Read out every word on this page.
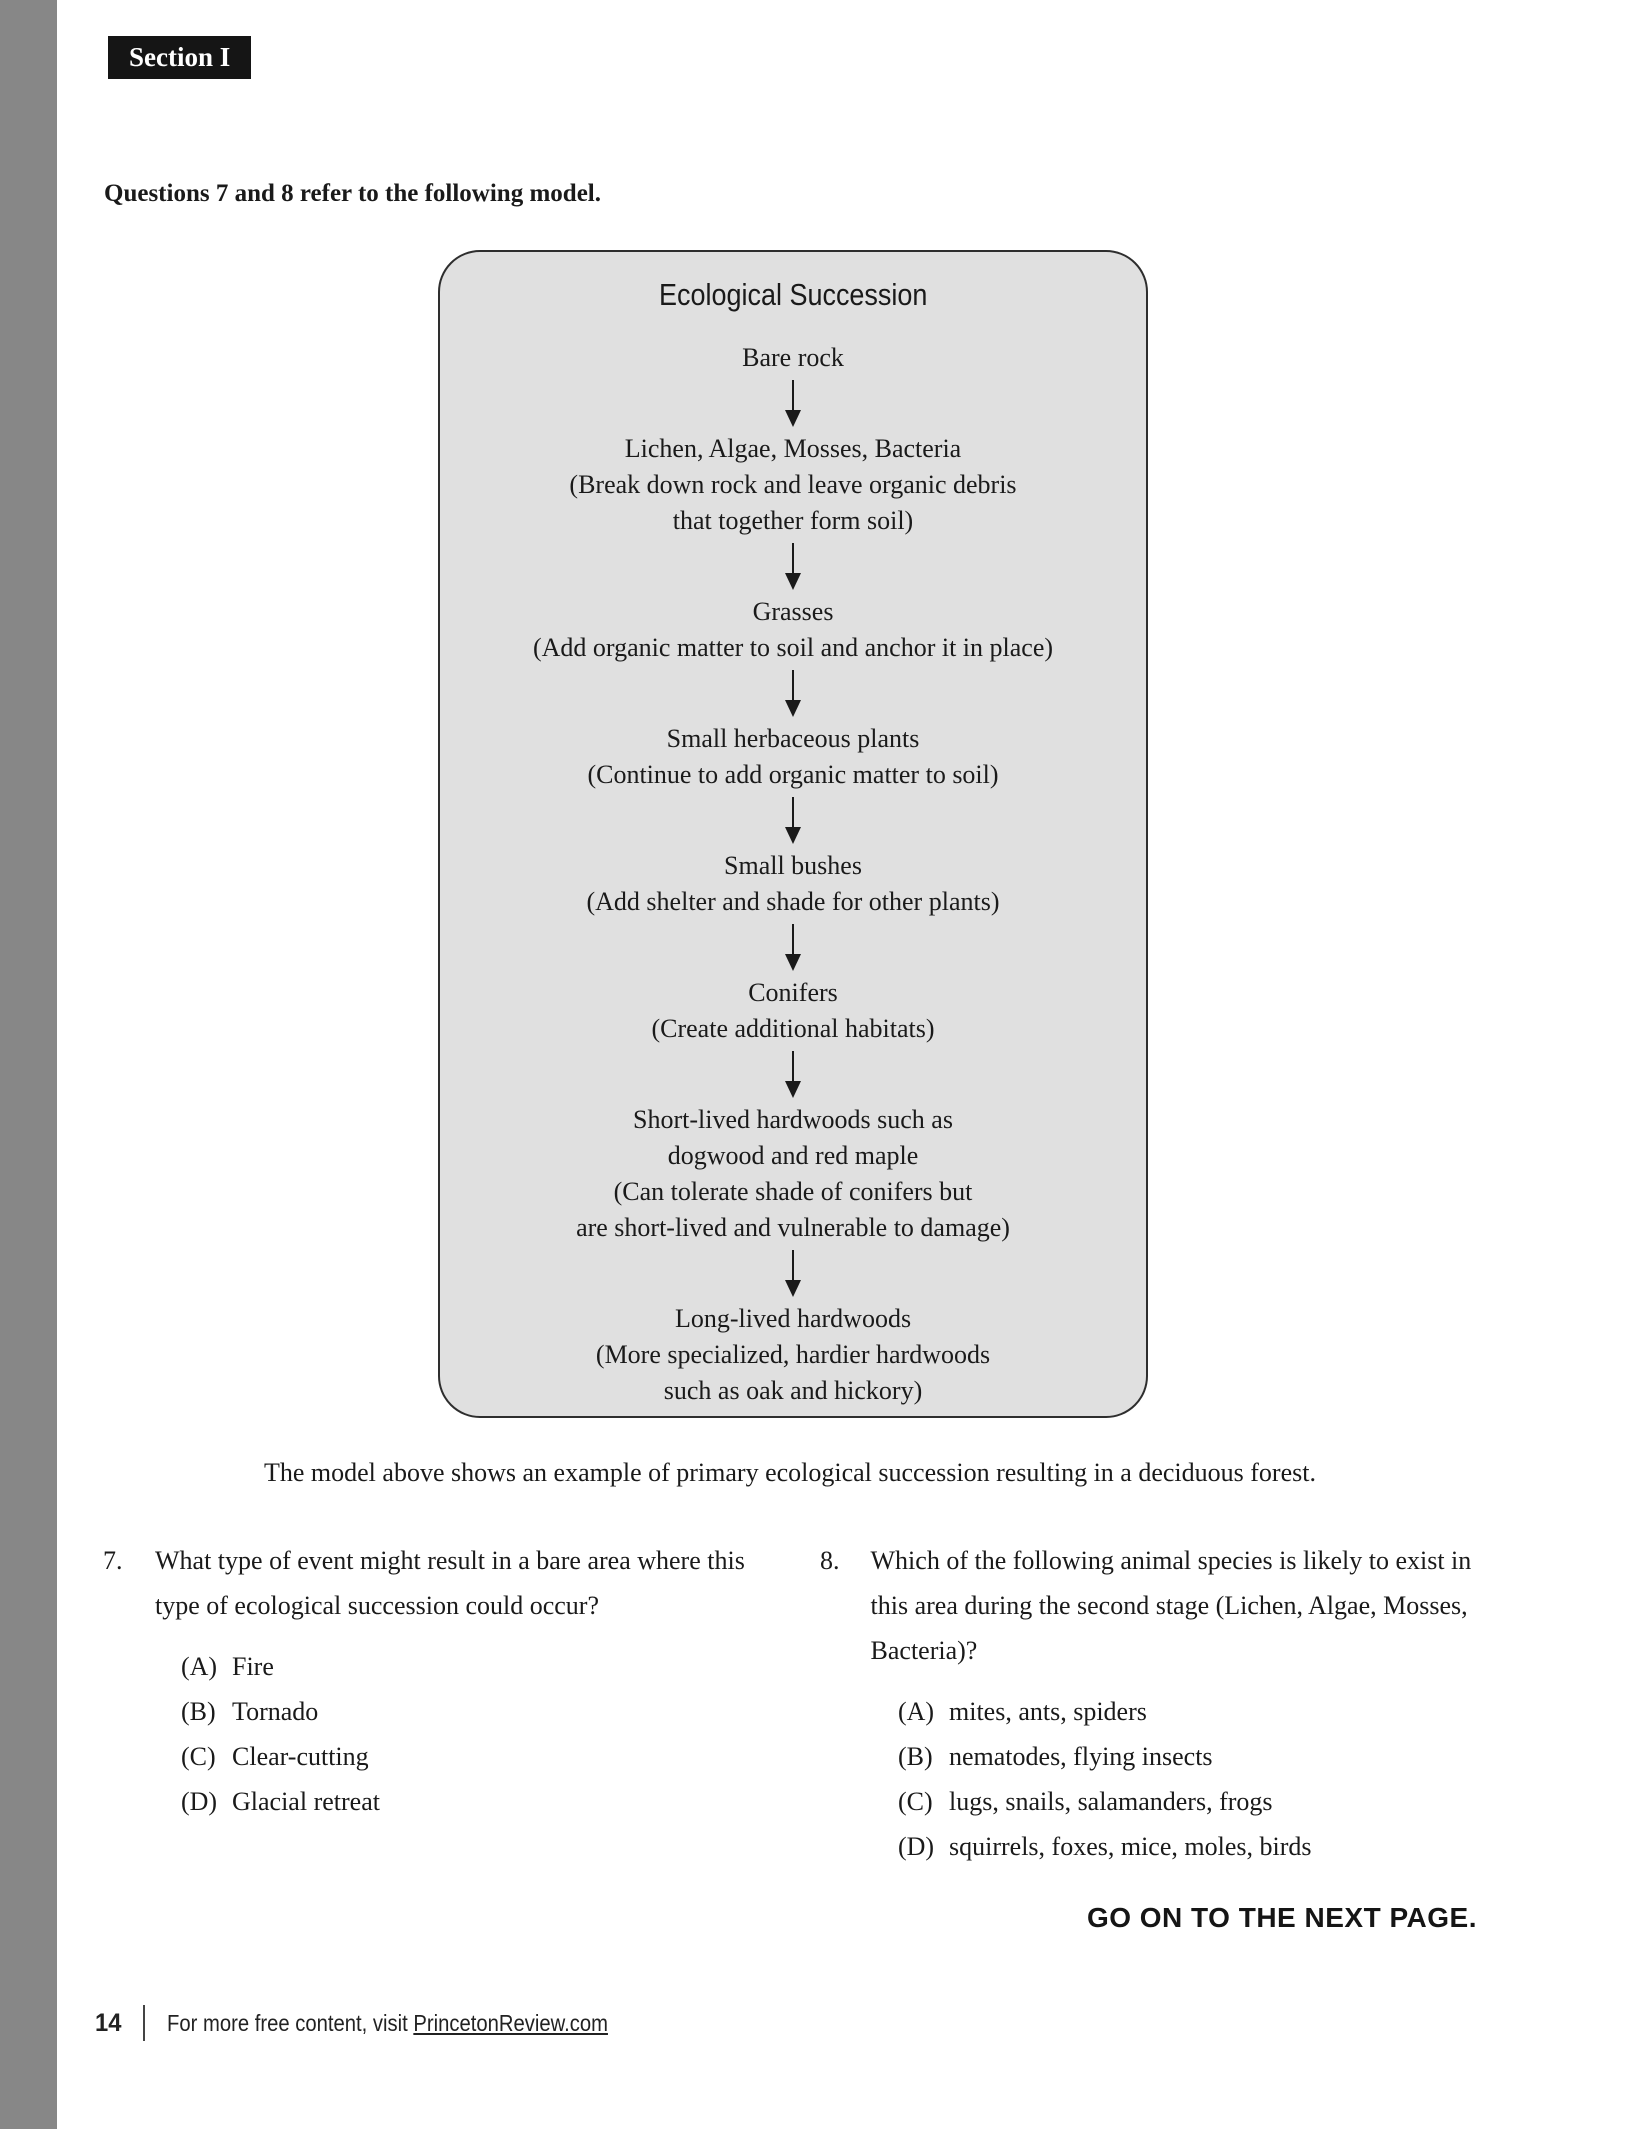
Section I
Questions 7 and 8 refer to the following model.
Ecological Succession
Bare rock
Lichen, Algae, Mosses, Bacteria
(Break down rock and leave organic debris
that together form soil)
Grasses
(Add organic matter to soil and anchor it in place)
Small herbaceous plants
(Continue to add organic matter to soil)
Small bushes
(Add shelter and shade for other plants)
Conifers
(Create additional habitats)
Short-lived hardwoods such as
dogwood and red maple
(Can tolerate shade of conifers but
are short-lived and vulnerable to damage)
Long-lived hardwoods
(More specialized, hardier hardwoods
such as oak and hickory)
The model above shows an example of primary ecological succession resulting in a deciduous forest.
7.	What type of event might result in a bare area where this type of ecological succession could occur?
(A) Fire
(B) Tornado
(C) Clear-cutting
(D) Glacial retreat
8.	Which of the following animal species is likely to exist in this area during the second stage (Lichen, Algae, Mosses, Bacteria)?
(A) mites, ants, spiders
(B) nematodes, flying insects
(C) lugs, snails, salamanders, frogs
(D) squirrels, foxes, mice, moles, birds
GO ON TO THE NEXT PAGE.
14 For more free content, visit PrincetonReview.com
